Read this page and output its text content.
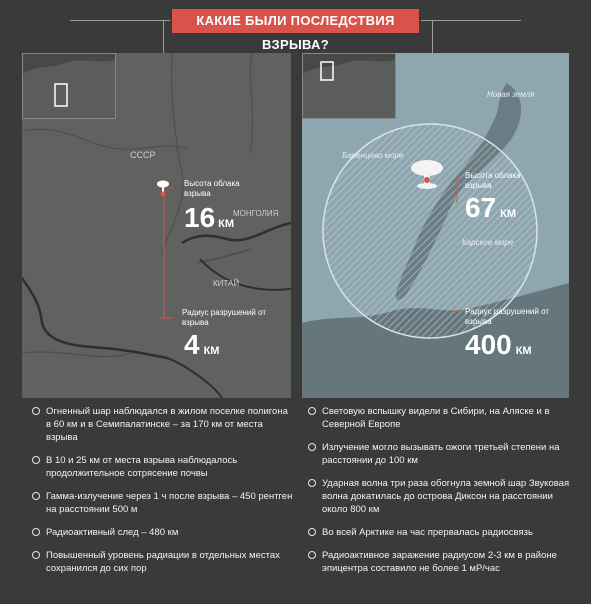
КАКИЕ БЫЛИ ПОСЛЕДСТВИЯ ВЗРЫВА?
СССР
МОНГОЛИЯ
КИТАЙ
Высота облака взрыва
16 КМ
Радиус разрушений от взрыва
4 КМ
Новая земля
Баренцево море
Карское море
Высота облака взрыва
67 КМ
Радиус разрушений от взрыва
400 КМ
Огненный шар наблюдался в жилом поселке полигона в 60 км и в Семипалатинске – за 170 км от места взрыва
В 10 и 25 км от места взрыва наблюдалось продолжительное сотрясение почвы
Гамма-излучение через 1 ч после взрыва – 450 рентген на расстоянии 500 м
Радиоактивный след – 480 км
Повышенный уровень радиации в отдельных местах сохранился до сих пор
Световую вспышку видели в Сибири, на Аляске и в Северной Европе
Излучение могло вызывать ожоги третьей степени на расстоянии до 100 км
Ударная волна три раза обогнула земной шар Звуковая волна докатилась до острова Диксон на расстоянии около 800 км
Во всей Арктике на час прервалась радиосвязь
Радиоактивное заражение радиусом 2-3 км в районе эпицентра составило не более 1 мР/час
